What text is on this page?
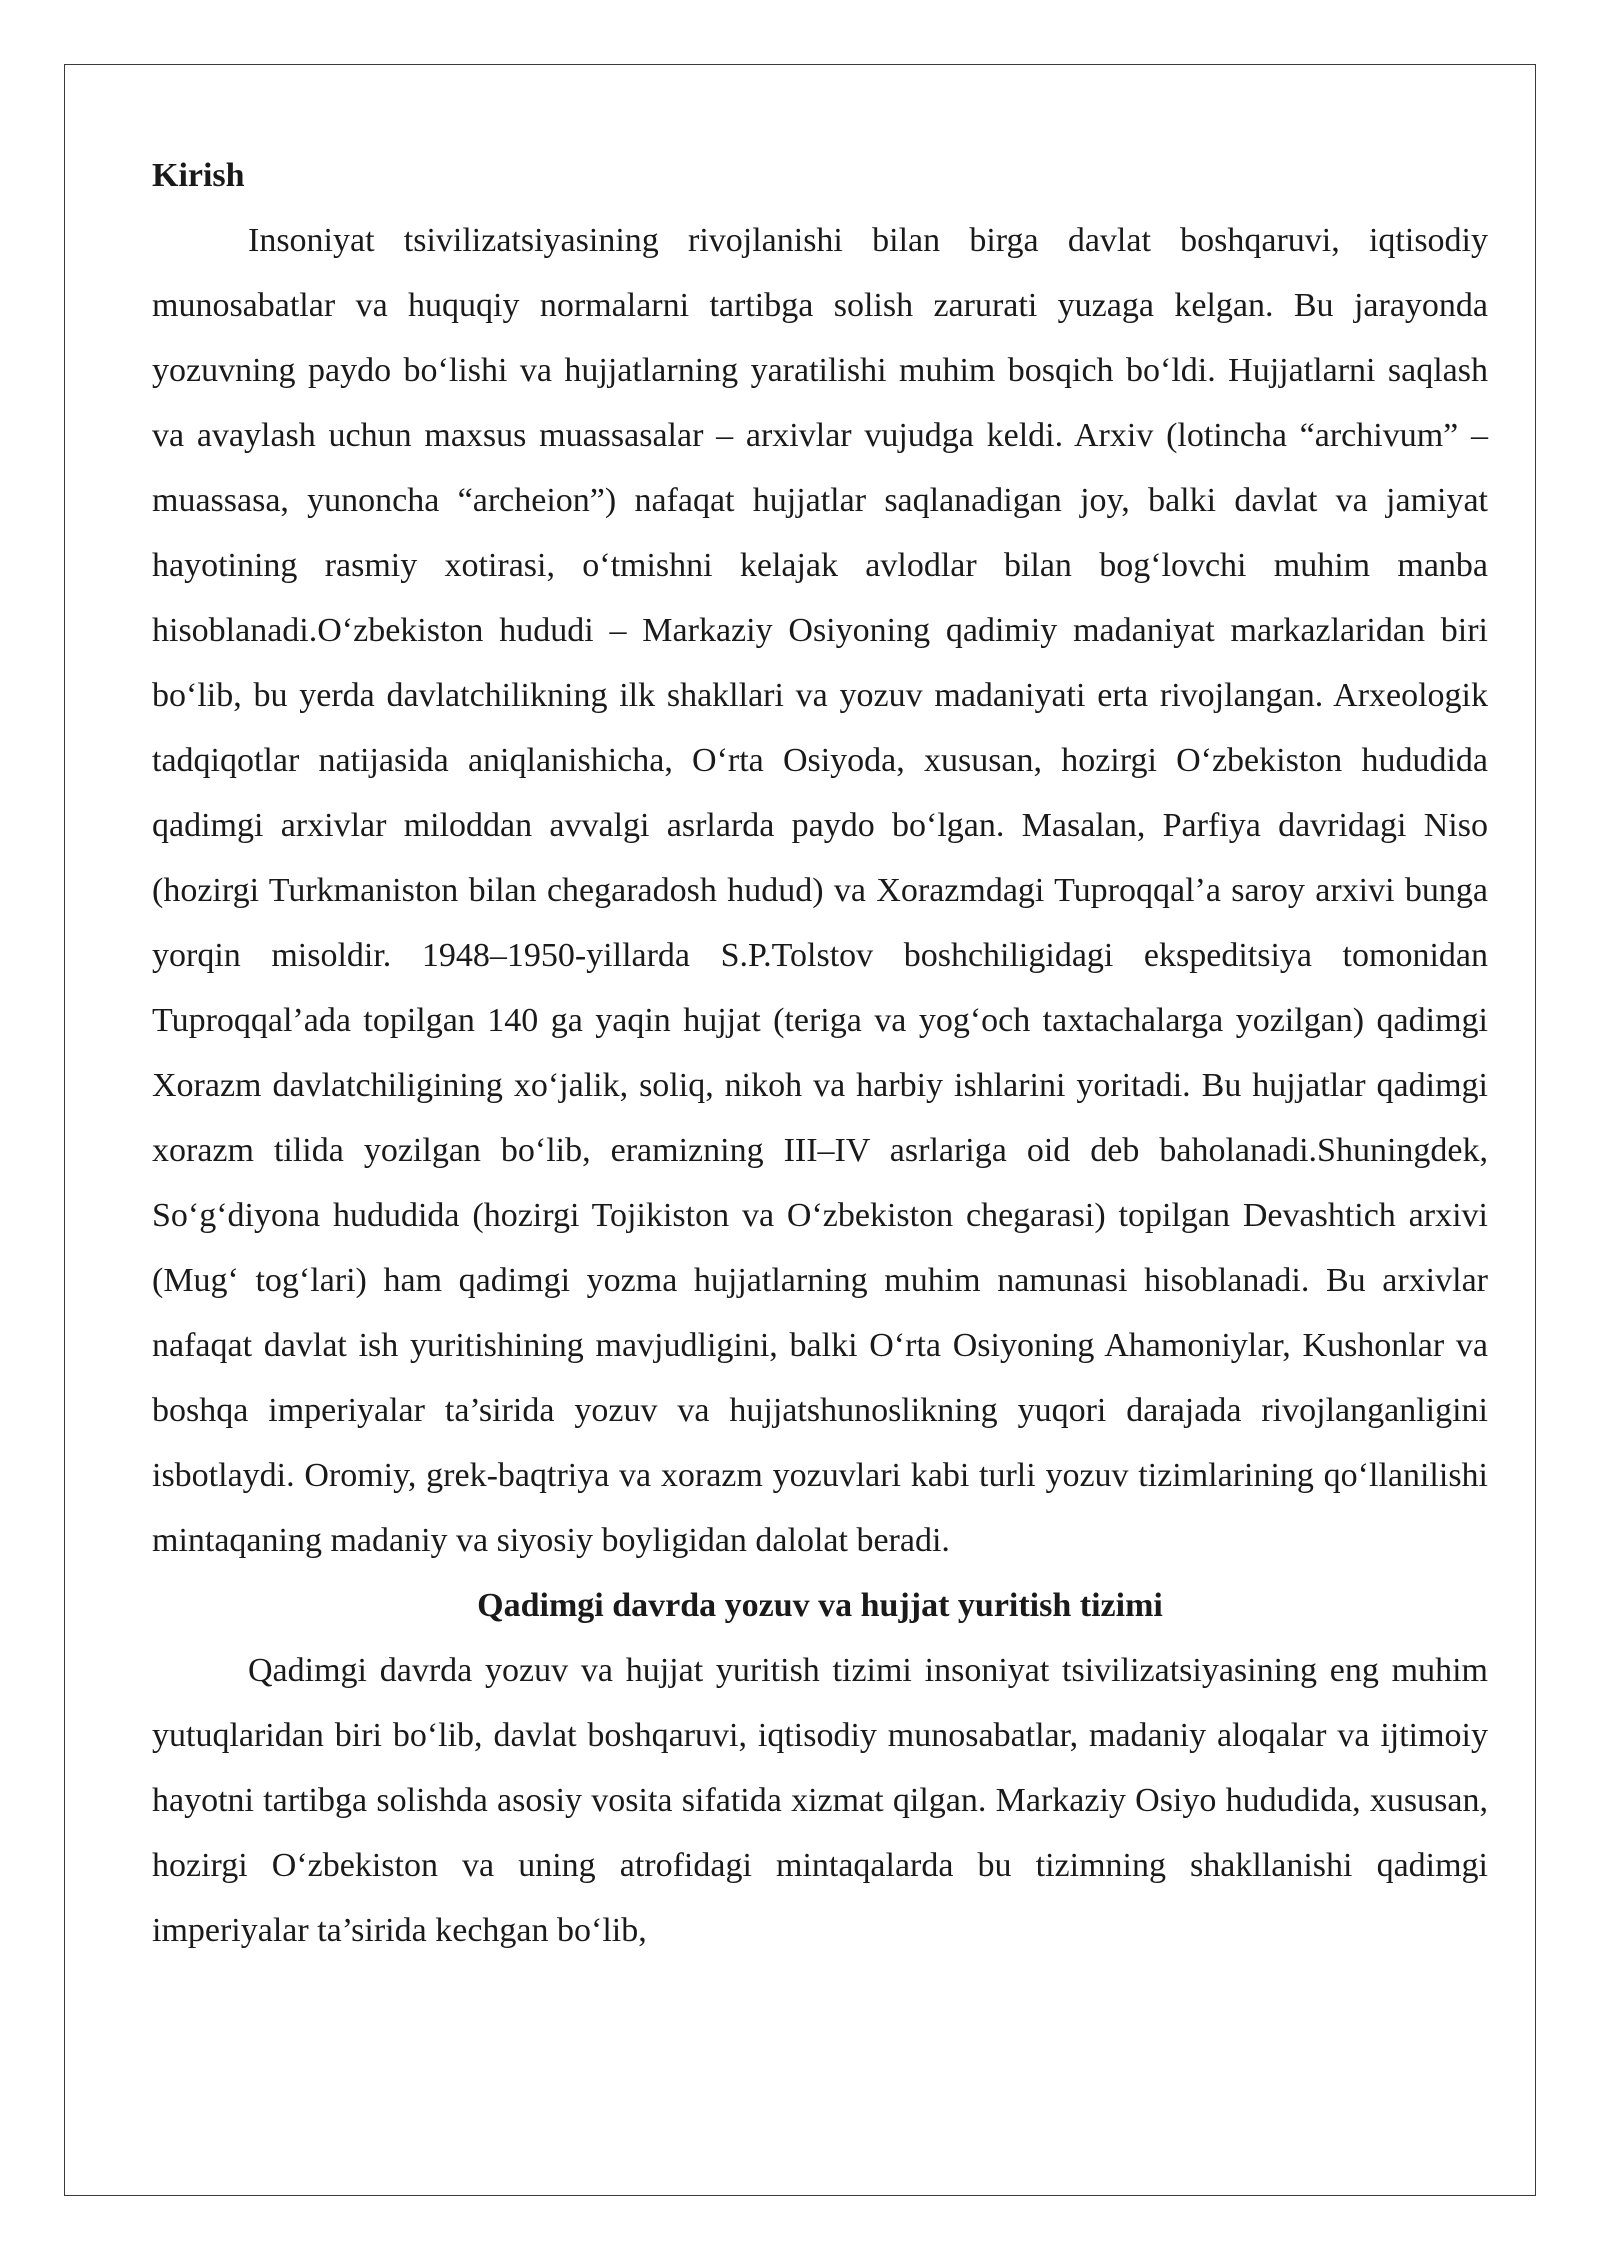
Kirish

Insoniyat tsivilizatsiyasining rivojlanishi bilan birga davlat boshqaruvi, iqtisodiy munosabatlar va huquqiy normalarni tartibga solish zarurati yuzaga kelgan. Bu jarayonda yozuvning paydo boʻlishi va hujjatlarning yaratilishi muhim bosqich boʻldi. Hujjatlarni saqlash va avaylash uchun maxsus muassasalar – arxivlar vujudga keldi. Arxiv (lotincha “archivum” – muassasa, yunoncha “archeion”) nafaqat hujjatlar saqlanadigan joy, balki davlat va jamiyat hayotining rasmiy xotirasi, oʻtmishni kelajak avlodlar bilan bogʻlovchi muhim manba hisoblanadi.Oʻzbekiston hududi – Markaziy Osiyoning qadimiy madaniyat markazlaridan biri boʻlib, bu yerda davlatchilikning ilk shakllari va yozuv madaniyati erta rivojlangan. Arxeologik tadqiqotlar natijasida aniqlanishicha, Oʻrta Osiyoda, xususan, hozirgi Oʻzbekiston hududida qadimgi arxivlar miloddan avvalgi asrlarda paydo boʻlgan. Masalan, Parfiya davridagi Niso (hozirgi Turkmaniston bilan chegaradosh hudud) va Xorazmdagi Tuproqqal’a saroy arxivi bunga yorqin misoldir. 1948–1950-yillarda S.P.Tolstov boshchiligidagi ekspeditsiya tomonidan Tuproqqal’ada topilgan 140 ga yaqin hujjat (teriga va yogʻoch taxtachalarga yozilgan) qadimgi Xorazm davlatchiligining xoʻjalik, soliq, nikoh va harbiy ishlarini yoritadi. Bu hujjatlar qadimgi xorazm tilida yozilgan boʻlib, eramizning III–IV asrlariga oid deb baholanadi.Shuningdek, Soʻgʻdiyona hududida (hozirgi Tojikiston va Oʻzbekiston chegarasi) topilgan Devashtich arxivi (Mugʻ togʻlari) ham qadimgi yozma hujjatlarning muhim namunasi hisoblanadi. Bu arxivlar nafaqat davlat ish yuritishining mavjudligini, balki Oʻrta Osiyoning Ahamoniylar, Kushonlar va boshqa imperiyalar ta’sirida yozuv va hujjatshunoslikning yuqori darajada rivojlanganligini isbotlaydi. Oromiy, grek-baqtriya va xorazm yozuvlari kabi turli yozuv tizimlarining qoʻllanilishi mintaqaning madaniy va siyosiy boyligidan dalolat beradi.

Qadimgi davrda yozuv va hujjat yuritish tizimi

Qadimgi davrda yozuv va hujjat yuritish tizimi insoniyat tsivilizatsiyasining eng muhim yutuqlaridan biri boʻlib, davlat boshqaruvi, iqtisodiy munosabatlar, madaniy aloqalar va ijtimoiy hayotni tartibga solishda asosiy vosita sifatida xizmat qilgan. Markaziy Osiyo hududida, xususan, hozirgi Oʻzbekiston va uning atrofidagi mintaqalarda bu tizimning shakllanishi qadimgi imperiyalar ta’sirida kechgan boʻlib,
